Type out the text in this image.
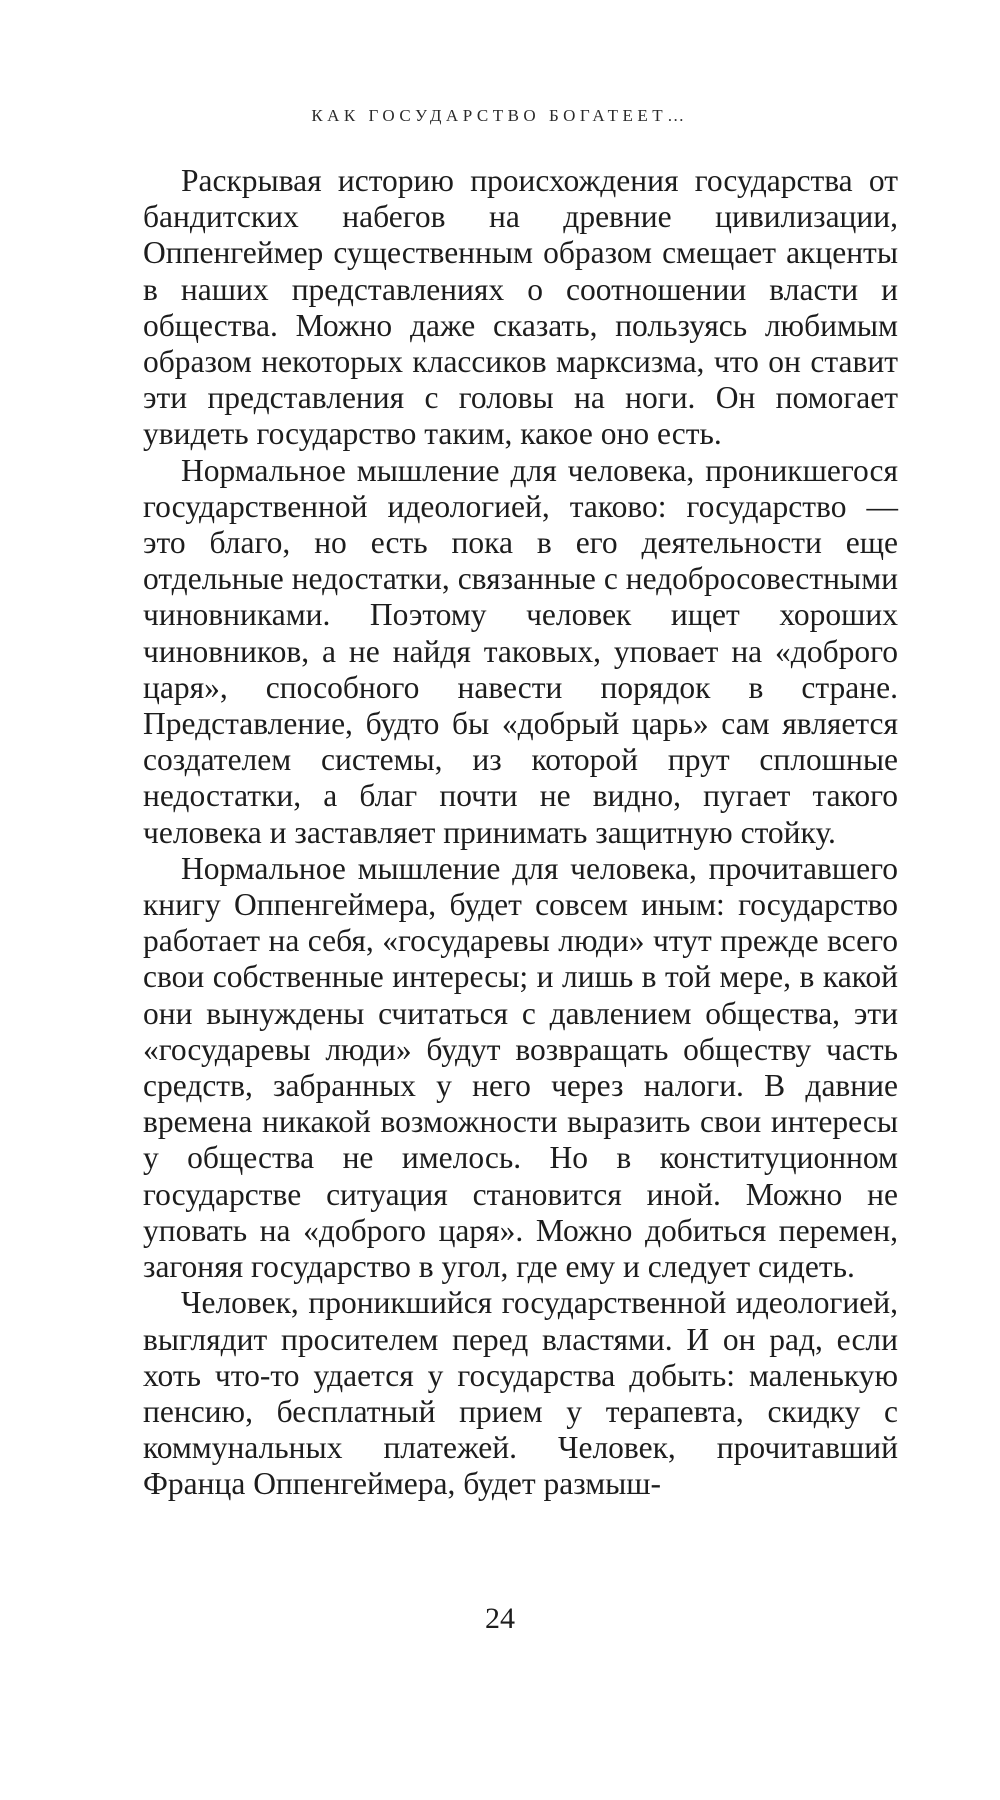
КАК ГОСУДАРСТВО БОГАТЕЕТ…

Раскрывая историю происхождения государства от бандитских набегов на древние цивилизации, Оппенгеймер существенным образом смещает акценты в наших представлениях о соотношении власти и общества. Можно даже сказать, пользуясь любимым образом некоторых классиков марксизма, что он ставит эти представления с головы на ноги. Он помогает увидеть государство таким, какое оно есть.

Нормальное мышление для человека, проникшегося государственной идеологией, таково: государство — это благо, но есть пока в его деятельности еще отдельные недостатки, связанные с недобросовестными чиновниками. Поэтому человек ищет хороших чиновников, а не найдя таковых, уповает на «доброго царя», способного навести порядок в стране. Представление, будто бы «добрый царь» сам является создателем системы, из которой прут сплошные недостатки, а благ почти не видно, пугает такого человека и заставляет принимать защитную стойку.

Нормальное мышление для человека, прочитавшего книгу Оппенгеймера, будет совсем иным: государство работает на себя, «государевы люди» чтут прежде всего свои собственные интересы; и лишь в той мере, в какой они вынуждены считаться с давлением общества, эти «государевы люди» будут возвращать обществу часть средств, забранных у него через налоги. В давние времена никакой возможности выразить свои интересы у общества не имелось. Но в конституционном государстве ситуация становится иной. Можно не уповать на «доброго царя». Можно добиться перемен, загоняя государство в угол, где ему и следует сидеть.

Человек, проникшийся государственной идеологией, выглядит просителем перед властями. И он рад, если хоть что-то удается у государства добыть: маленькую пенсию, бесплатный прием у терапевта, скидку с коммунальных платежей. Человек, прочитавший Франца Оппенгеймера, будет размыш-

24
